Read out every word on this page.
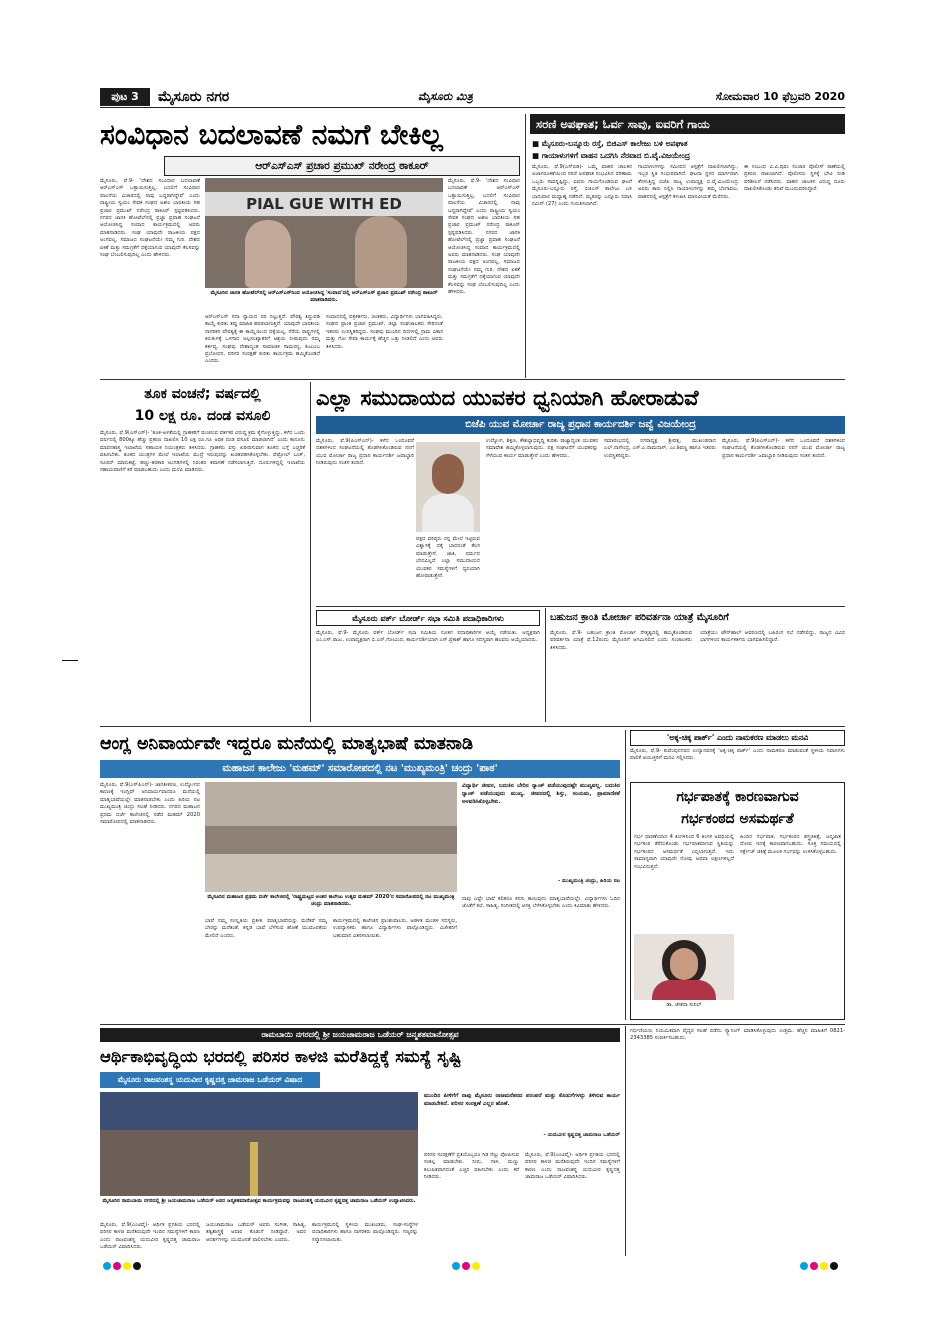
ಪುಟ 3	ಮೈಸೂರು ನಗರ	ಮೈಸೂರು ಮಿತ್ರ	ಸೋಮವಾರ 10 ಫೆಬ್ರವರಿ 2020
ಸಂವಿಧಾನ ಬದಲಾವಣೆ ನಮಗೆ ಬೇಕಿಲ್ಲ
ಆರ್‌ಎಸ್‌ಎಸ್ ಪ್ರಚಾರ ಪ್ರಮುಖ್ ನರೇಂದ್ರ ಠಾಕೂರ್
ಮೈಸೂರು, ಫೆ.9- 'ದೇಶದ ಸಂವಿಧಾನ ಬದಲಾವಣೆ ಆರ್‌ಎಸ್‌ಎಸ್ ಒತ್ತಾಯಿಸುತ್ತಿಲ್ಲ. ಬದಲಿಗೆ ಸಂವಿಧಾನ ಪಾಲನೆಯ ವಿಚಾರದಲ್ಲಿ ನಾವು ಬದ್ಧರಾಗಿದ್ದೇವೆ' ಎಂದು ರಾಷ್ಟ್ರೀಯ ಸ್ವಯಂ ಸೇವಕ ಸಂಘದ ಅಖಿಲ ಭಾರತೀಯ ಸಹ ಪ್ರಚಾರ ಪ್ರಮುಖ್ ನರೇಂದ್ರ ಠಾಕೂರ್ ಸ್ಪಷ್ಟಪಡಿಸಿದರು. ನಗರದ ಜಾನಕಿ ಹೋಟೆಲ್‌ನಲ್ಲಿ ಪ್ರಜ್ಞಾ ಪ್ರವಾಹ ಸಂಘಟನೆ ಆಯೋಜಿಸಿದ್ದ ಸಂವಾದ ಕಾರ್ಯಕ್ರಮದಲ್ಲಿ ಅವರು ಮಾತನಾಡಿದರು. ಸಂಘ ಯಾವುದೇ ರಾಜಕೀಯ ಪಕ್ಷದ ಅಂಗವಲ್ಲ, ಸಮಾಜದ ಸಂಘಟನೆಯೇ ನಮ್ಮ ಗುರಿ. ದೇಶದ ಏಕತೆ ಮತ್ತು ಸಮಗ್ರತೆಗೆ ಧಕ್ಕೆಯಾಗುವ ಯಾವುದೇ ಕೆಲಸವನ್ನು ಸಂಘ ಬೆಂಬಲಿಸುವುದಿಲ್ಲ ಎಂದು ಹೇಳಿದರು.
PIAL GUE WITH ED
ಮೈಸೂರಿನ ಜಾನಕಿ ಹೋಟೆಲ್‌ನಲ್ಲಿ ಆರ್‌ಎಸ್‌ಎಸ್‌ನಿಂದ ಆಯೋಜಿಸಿದ್ದ 'ಸಂವಾದ'ದಲ್ಲಿ ಆರ್‌ಎಸ್‌ಎಸ್ ಪ್ರಚಾರ ಪ್ರಮುಖ್ ನರೇಂದ್ರ ಠಾಕೂರ್ ಮಾತನಾಡಿದರು.
ಆರ್‌ಎಸ್‌ಎಸ್ ಸದಾ ನ್ಯಾಯದ ಪರ ನಿಲ್ಲುತ್ತದೆ. ಪೌರತ್ವ ತಿದ್ದುಪಡಿ ಕಾಯ್ದೆ ಕುರಿತು ತಪ್ಪು ಮಾಹಿತಿ ಹರಡಲಾಗುತ್ತಿದೆ. ಯಾವುದೇ ಭಾರತೀಯ ನಾಗರಿಕನ ಪೌರತ್ವಕ್ಕೆ ಈ ಕಾಯ್ದೆಯಿಂದ ಧಕ್ಕೆಯಿಲ್ಲ. ನೆರೆಯ ರಾಷ್ಟ್ರಗಳಲ್ಲಿ ಕಿರುಕುಳಕ್ಕೆ ಒಳಗಾದ ಅಲ್ಪಸಂಖ್ಯಾತರಿಗೆ ಆಶ್ರಯ ನೀಡುವುದು ನಮ್ಮ ಕರ್ತವ್ಯ. ಸಂಘವು ದೇಶಾದ್ಯಂತ ಸಾಮಾಜಿಕ ಸಾಮರಸ್ಯ, ಕುಟುಂಬ ಪ್ರಬೋಧನ, ಪರಿಸರ ಸಂರಕ್ಷಣೆ ಕುರಿತು ಕಾರ್ಯಕ್ರಮ ಹಮ್ಮಿಕೊಂಡಿದೆ ಎಂದರು.
ಸಂವಾದದಲ್ಲಿ ಪತ್ರಕರ್ತರು, ಚಿಂತಕರು, ವಿದ್ಯಾರ್ಥಿಗಳು ಭಾಗವಹಿಸಿದ್ದರು. ಸಂಘದ ಪ್ರಾಂತ ಪ್ರಚಾರ ಪ್ರಮುಖ್, ಜಿಲ್ಲಾ ಸಂಘಚಾಲಕರು ಸೇರಿದಂತೆ ಇತರರು ಉಪಸ್ಥಿತರಿದ್ದರು. ಸಂಘವು ಮುಂದಿನ ದಿನಗಳಲ್ಲಿ ಗ್ರಾಮ ವಿಕಾಸ ಮತ್ತು ಗೋ ಸೇವಾ ಕಾರ್ಯಕ್ಕೆ ಹೆಚ್ಚಿನ ಒತ್ತು ನೀಡಲಿದೆ ಎಂದು ಅವರು ತಿಳಿಸಿದರು.
ಮೈಸೂರು, ಫೆ.9- 'ದೇಶದ ಸಂವಿಧಾನ ಬದಲಾವಣೆ ಆರ್‌ಎಸ್‌ಎಸ್ ಒತ್ತಾಯಿಸುತ್ತಿಲ್ಲ. ಬದಲಿಗೆ ಸಂವಿಧಾನ ಪಾಲನೆಯ ವಿಚಾರದಲ್ಲಿ ನಾವು ಬದ್ಧರಾಗಿದ್ದೇವೆ' ಎಂದು ರಾಷ್ಟ್ರೀಯ ಸ್ವಯಂ ಸೇವಕ ಸಂಘದ ಅಖಿಲ ಭಾರತೀಯ ಸಹ ಪ್ರಚಾರ ಪ್ರಮುಖ್ ನರೇಂದ್ರ ಠಾಕೂರ್ ಸ್ಪಷ್ಟಪಡಿಸಿದರು. ನಗರದ ಜಾನಕಿ ಹೋಟೆಲ್‌ನಲ್ಲಿ ಪ್ರಜ್ಞಾ ಪ್ರವಾಹ ಸಂಘಟನೆ ಆಯೋಜಿಸಿದ್ದ ಸಂವಾದ ಕಾರ್ಯಕ್ರಮದಲ್ಲಿ ಅವರು ಮಾತನಾಡಿದರು. ಸಂಘ ಯಾವುದೇ ರಾಜಕೀಯ ಪಕ್ಷದ ಅಂಗವಲ್ಲ, ಸಮಾಜದ ಸಂಘಟನೆಯೇ ನಮ್ಮ ಗುರಿ. ದೇಶದ ಏಕತೆ ಮತ್ತು ಸಮಗ್ರತೆಗೆ ಧಕ್ಕೆಯಾಗುವ ಯಾವುದೇ ಕೆಲಸವನ್ನು ಸಂಘ ಬೆಂಬಲಿಸುವುದಿಲ್ಲ ಎಂದು ಹೇಳಿದರು.
ಸರಣಿ ಅಪಘಾತ; ಓರ್ವ ಸಾವು, ಐವರಿಗೆ ಗಾಯ
■ ಮೈಸೂರು-ಬನ್ನೂರು ರಸ್ತೆ, ಬಿಜಿಎಸ್ ಕಾಲೇಜು ಬಳಿ ಅಪಘಾತ
■ ಗಾಯಾಳುಗಳಿಗೆ ವಾಹನ ಒದಗಿಸಿ ನೆರವಾದ ಬಿ.ವೈ.ವಿಜಯೇಂದ್ರ
ಮೈಸೂರು, ಫೆ.9(ಎಸ್‌ಬಿಡಿ)- ಒಮ್ಮೆ ವಾಹನ ಚಾಲಕನ ಅಜಾಗರೂಕತೆಯಿಂದ ಸರಣಿ ಅಪಘಾತ ಸಂಭವಿಸಿದ ಪರಿಣಾಮ ಒಬ್ಬರು ಸಾವನ್ನಪ್ಪಿದ್ದು, ಐವರು ಗಾಯಗೊಂಡಿರುವ ಘಟನೆ ಮೈಸೂರು-ಬನ್ನೂರು ರಸ್ತೆ, ಬಿಜಿಎಸ್ ಕಾಲೇಜು ಬಳಿ ಭಾನುವಾರ ಮಧ್ಯಾಹ್ನ ನಡೆದಿದೆ. ಮೃತರನ್ನು ಬನ್ನೂರು ನಿವಾಸಿ ನವೀನ್ (27) ಎಂದು ಗುರುತಿಸಲಾಗಿದೆ.
ಗಾಯಾಳುಗಳನ್ನು ಸಮೀಪದ ಆಸ್ಪತ್ರೆಗೆ ದಾಖಲಿಸಲಾಗಿದ್ದು, ಇಬ್ಬರ ಸ್ಥಿತಿ ಗಂಭೀರವಾಗಿದೆ. ಘಟನಾ ಸ್ಥಳದ ಮಾರ್ಗವಾಗಿ ತೆರಳುತ್ತಿದ್ದ ಬಿಜೆಪಿ ರಾಜ್ಯ ಉಪಾಧ್ಯಕ್ಷ ಬಿ.ವೈ.ವಿಜಯೇಂದ್ರ ಅವರು ಕಾರು ನಿಲ್ಲಿಸಿ ಗಾಯಾಳುಗಳನ್ನು ತಮ್ಮ ಬೆಂಗಾವಲು ವಾಹನದಲ್ಲಿ ಆಸ್ಪತ್ರೆಗೆ ಕಳುಹಿಸಿ ಮಾನವೀಯತೆ ಮೆರೆದರು.
ಈ ಸಂಬಂಧ ವಿ.ವಿ.ಪುರಂ ಸಂಚಾರ ಪೊಲೀಸ್ ಠಾಣೆಯಲ್ಲಿ ಪ್ರಕರಣ ದಾಖಲಾಗಿದೆ. ಪೊಲೀಸರು ಸ್ಥಳಕ್ಕೆ ಭೇಟಿ ನೀಡಿ ಪರಿಶೀಲನೆ ನಡೆಸಿದರು. ವಾಹನ ಚಾಲಕನ ವಿರುದ್ಧ ದೂರು ದಾಖಲಿಸಿಕೊಂಡು ತನಿಖೆ ಮುಂದುವರಿಸಿದ್ದಾರೆ.
ತೂಕ ವಂಚನೆ; ವರ್ಷದಲ್ಲಿ
10 ಲಕ್ಷ ರೂ. ದಂಡ ವಸೂಲಿ
ಮೈಸೂರು, ಫೆ.9(ಎಸ್‌ಎಸ್)- 'ತೂಕ-ಅಳತೆಯಲ್ಲಿ ಗ್ರಾಹಕರಿಗೆ ವಂಚಿಸುವ ವರ್ತಕರ ವಿರುದ್ಧ ಕ್ರಮ ಕೈಗೊಳ್ಳುತ್ತಿದ್ದು, ಕಳೆದ ಒಂದು ವರ್ಷದಲ್ಲಿ 800ಕ್ಕೂ ಹೆಚ್ಚು ಪ್ರಕರಣ ದಾಖಲಿಸಿ 10 ಲಕ್ಷ ರೂ.ಗೂ ಅಧಿಕ ದಂಡ ವಸೂಲಿ ಮಾಡಲಾಗಿದೆ' ಎಂದು ಕಾನೂನು ಮಾಪನಶಾಸ್ತ್ರ ಇಲಾಖೆಯ ಸಹಾಯಕ ನಿಯಂತ್ರಕರು ತಿಳಿಸಿದರು. ಗ್ರಾಹಕರು ವಸ್ತು ಖರೀದಿಸುವಾಗ ತೂಕದ ಬಗ್ಗೆ ಎಚ್ಚರಿಕೆ ವಹಿಸಬೇಕು. ತೂಕದ ಯಂತ್ರಗಳ ಮೇಲೆ ಇಲಾಖೆಯ ಮುದ್ರೆ ಇರುವುದನ್ನು ಖಚಿತಪಡಿಸಿಕೊಳ್ಳಬೇಕು. ಪೆಟ್ರೋಲ್ ಬಂಕ್, ಸೂಪರ್ ಮಾರುಕಟ್ಟೆ, ಹಣ್ಣು-ತರಕಾರಿ ಅಂಗಡಿಗಳಲ್ಲಿ ನಿರಂತರ ತಪಾಸಣೆ ನಡೆಸಲಾಗುತ್ತಿದೆ. ದೂರುಗಳಿದ್ದಲ್ಲಿ ಇಲಾಖೆಯ ಸಹಾಯವಾಣಿಗೆ ಕರೆ ಮಾಡಬಹುದು ಎಂದು ಮನವಿ ಮಾಡಿದರು.
ಎಲ್ಲಾ ಸಮುದಾಯದ ಯುವಕರ ಧ್ವನಿಯಾಗಿ ಹೋರಾಡುವೆ
ಬಿಜೆಪಿ ಯುವ ಮೋರ್ಚಾ ರಾಜ್ಯ ಪ್ರಧಾನ ಕಾರ್ಯದರ್ಶಿ ಜವ್ವೆ ವಿಜಯೇಂದ್ರ
ಮೈಸೂರು, ಫೆ.9(ಪಿಎಸ್‌ಎನ್)- ಕಳೆದ ಒಂದೂವರೆ ದಶಕಗಳಿಂದ ಸಂಘಟನೆಯಲ್ಲಿ ತೊಡಗಿಸಿಕೊಂಡಿರುವ ನನಗೆ ಯುವ ಮೋರ್ಚಾ ರಾಜ್ಯ ಪ್ರಧಾನ ಕಾರ್ಯದರ್ಶಿ ಜವಾಬ್ದಾರಿ ನೀಡಿರುವುದು ಸಂತಸ ತಂದಿದೆ.
ಪಕ್ಷದ ವರಿಷ್ಠರು ನನ್ನ ಮೇಲೆ ಇಟ್ಟಿರುವ ವಿಶ್ವಾಸಕ್ಕೆ ಧಕ್ಕೆ ಬಾರದಂತೆ ಕೆಲಸ ಮಾಡುತ್ತೇನೆ. ಜಾತಿ, ಧರ್ಮದ ಭೇದವಿಲ್ಲದೆ ಎಲ್ಲಾ ಸಮುದಾಯದ ಯುವಕರ ಸಮಸ್ಯೆಗಳಿಗೆ ಧ್ವನಿಯಾಗಿ ಹೋರಾಡುತ್ತೇನೆ.
ಉದ್ಯೋಗ, ಶಿಕ್ಷಣ, ಕೌಶಲ್ಯಾಭಿವೃದ್ಧಿ ಕುರಿತು ರಾಜ್ಯಾದ್ಯಂತ ಯುವಕರ ಸಮಾವೇಶ ಹಮ್ಮಿಕೊಳ್ಳಲಾಗುವುದು. ಪಕ್ಷ ಸಂಘಟನೆಗೆ ಯುವಕರನ್ನು ಸೆಳೆಯುವ ಕಾರ್ಯ ಮಾಡುತ್ತೇನೆ ಎಂದು ಹೇಳಿದರು.
ಸಮಾರಂಭದಲ್ಲಿ ನಗರಾಧ್ಯಕ್ಷ ಶ್ರೀವತ್ಸ, ಮುಖಂಡರಾದ ಎಲ್.ನಾಗೇಂದ್ರ, ಎಸ್.ಎ.ರಾಮದಾಸ್, ಎಂ.ಶಿವಣ್ಣ ಹಾಗೂ ಇತರರು ಉಪಸ್ಥಿತರಿದ್ದರು.
ಮೈಸೂರು, ಫೆ.9(ಪಿಎಸ್‌ಎನ್)- ಕಳೆದ ಒಂದೂವರೆ ದಶಕಗಳಿಂದ ಸಂಘಟನೆಯಲ್ಲಿ ತೊಡಗಿಸಿಕೊಂಡಿರುವ ನನಗೆ ಯುವ ಮೋರ್ಚಾ ರಾಜ್ಯ ಪ್ರಧಾನ ಕಾರ್ಯದರ್ಶಿ ಜವಾಬ್ದಾರಿ ನೀಡಿರುವುದು ಸಂತಸ ತಂದಿದೆ.
ಮೈಸೂರು ವರ್ಕ್ ಬೋರ್ಡ್ ಸಭಾ ಸಮಿತಿ ಪದಾಧಿಕಾರಿಗಳು
ಮೈಸೂರು, ಫೆ.9- ಮೈಸೂರು ವರ್ಕ್ ಬೋರ್ಡ್ ಸಭಾ ಸಮಿತಿಯ ನೂತನ ಪದಾಧಿಕಾರಿಗಳ ಆಯ್ಕೆ ನಡೆಯಿತು. ಅಧ್ಯಕ್ಷರಾಗಿ ಎಂ.ಎಸ್.ರಾಜು, ಉಪಾಧ್ಯಕ್ಷರಾಗಿ ಬಿ.ಎನ್.ಗೋವಿಂದ, ಕಾರ್ಯದರ್ಶಿಯಾಗಿ ಎಸ್.ಪ್ರಕಾಶ್ ಹಾಗೂ ಸದಸ್ಯರಾಗಿ ಹಲವರು ಆಯ್ಕೆಯಾದರು.
ಬಹುಜನ ಕ್ರಾಂತಿ ಮೋರ್ಚಾ ಪರಿವರ್ತನಾ ಯಾತ್ರೆ ಮೈಸೂರಿಗೆ
ಮೈಸೂರು, ಫೆ.9- ಬಹುಜನ ಕ್ರಾಂತಿ ಮೋರ್ಚಾ ನೇತೃತ್ವದಲ್ಲಿ ಹಮ್ಮಿಕೊಂಡಿರುವ ಪರಿವರ್ತನಾ ಯಾತ್ರೆ ಫೆ.12ರಂದು ಮೈಸೂರಿಗೆ ಆಗಮಿಸಲಿದೆ ಎಂದು ಸಂಚಾಲಕರು ತಿಳಿಸಿದರು.
ಯಾತ್ರೆಯು ಟೌನ್‌ಹಾಲ್ ಆವರಣದಲ್ಲಿ ಬಹಿರಂಗ ಸಭೆ ನಡೆಸಲಿದ್ದು, ರಾಜ್ಯದ ವಿವಿಧ ಭಾಗಗಳಿಂದ ಕಾರ್ಯಕರ್ತರು ಭಾಗವಹಿಸಲಿದ್ದಾರೆ.
ಆಂಗ್ಲ ಅನಿವಾರ್ಯವೇ ಇದ್ದರೂ ಮನೆಯಲ್ಲಿ ಮಾತೃಭಾಷೆ ಮಾತನಾಡಿ
ಮಹಾಜನ ಕಾಲೇಜು 'ಮಹಮ್' ಸಮಾರೋಪದಲ್ಲಿ ನಟ 'ಮುಖ್ಯಮಂತ್ರಿ' ಚಂದ್ರು 'ಪಾಠ'
ಮೈಸೂರು, ಫೆ.9(ಎಸ್‌ಪಿಎನ್)- ಜಾಗತೀಕರಣ, ಉದ್ಯೋಗದ ಕಾರಣಕ್ಕೆ ಇಂಗ್ಲಿಷ್ ಅನಿವಾರ್ಯವಾದರೂ ಮನೆಯಲ್ಲಿ ಮಾತೃಭಾಷೆಯಲ್ಲೇ ಮಾತನಾಡಬೇಕು ಎಂದು ಹಿರಿಯ ನಟ ಮುಖ್ಯಮಂತ್ರಿ ಚಂದ್ರು ಸಲಹೆ ನೀಡಿದರು. ನಗರದ ಮಹಾಜನ ಪ್ರಥಮ ದರ್ಜೆ ಕಾಲೇಜಿನಲ್ಲಿ ನಡೆದ ಮಹಮ್ 2020 ಸಮಾರೋಪದಲ್ಲಿ ಮಾತನಾಡಿದರು.
ಮೈಸೂರಿನ ಮಹಾಜನ ಪ್ರಥಮ ದರ್ಜೆ ಕಾಲೇಜಿನಲ್ಲಿ 'ರಾಷ್ಟ್ರಮಟ್ಟದ ಅಂತರ ಕಾಲೇಜು ಉತ್ಸವ ಮಹಮ್ 2020'ರ ಸಮಾರೋಪದಲ್ಲಿ ನಟ ಮುಖ್ಯಮಂತ್ರಿ ಚಂದ್ರು ಮಾತನಾಡಿದರು.
ಭಾಷೆ ನಮ್ಮ ಸಂಸ್ಕೃತಿಯ ಪ್ರತೀಕ. ಮಾತೃಭಾಷೆಯನ್ನು ಮರೆತರೆ ನಮ್ಮ ಬೇರನ್ನು ಮರೆತಂತೆ. ಕನ್ನಡ ಭಾಷೆ ಬೆಳೆಸುವ ಹೊಣೆ ಯುವಜನತೆಯ ಮೇಲಿದೆ ಎಂದರು.
ಕಾರ್ಯಕ್ರಮದಲ್ಲಿ ಕಾಲೇಜಿನ ಪ್ರಾಂಶುಪಾಲರು, ಆಡಳಿತ ಮಂಡಳಿ ಸದಸ್ಯರು, ಉಪನ್ಯಾಸಕರು ಹಾಗೂ ವಿದ್ಯಾರ್ಥಿಗಳು ಪಾಲ್ಗೊಂಡಿದ್ದರು. ವಿಜೇತರಿಗೆ ಬಹುಮಾನ ವಿತರಿಸಲಾಯಿತು.
ವಿದ್ಯಾರ್ಥಿ ಜೀವನ, ಬದುಕಿನ ಬೇರಿನ ರ್‍ಯಾಂಕ್ ಪಡೆಯುವುದಷ್ಟೇ ಮುಖ್ಯವಲ್ಲ. ಬದುಕಿನ ರ್‍ಯಾಂಕ್ ಪಡೆಯುವುದು ಮುಖ್ಯ. ಜೀವನದಲ್ಲಿ ಶಿಸ್ತು, ಸಂಯಮ, ಪ್ರಾಮಾಣಿಕತೆ ಅಳವಡಿಸಿಕೊಳ್ಳಬೇಕು.
- ಮುಖ್ಯಮಂತ್ರಿ ಚಂದ್ರು, ಹಿರಿಯ ನಟ
ನಾವು ಎಷ್ಟೇ ಭಾಷೆ ಕಲಿತರೂ ಕನಸು ಕಾಣುವುದು ಮಾತೃಭಾಷೆಯಲ್ಲೇ. ವಿದ್ಯಾರ್ಥಿಗಳು ಓದಿನ ಜೊತೆಗೆ ಕಲೆ, ಸಾಹಿತ್ಯ, ಸಂಗೀತದಲ್ಲಿ ಆಸಕ್ತಿ ಬೆಳೆಸಿಕೊಳ್ಳಬೇಕು ಎಂದು ಕಿವಿಮಾತು ಹೇಳಿದರು.
'ಅಕ್ಕ-ಚಿಕ್ಕ ಪಾರ್ಕ್' ಎಂದು ನಾಮಕರಣ ಮಾಡಲು ಮನವಿ
ಮೈಸೂರು, ಫೆ.9- ಕುವೆಂಪುನಗರದ ಉದ್ಯಾನವನಕ್ಕೆ 'ಅಕ್ಕ-ಚಿಕ್ಕ ಪಾರ್ಕ್' ಎಂದು ನಾಮಕರಣ ಮಾಡುವಂತೆ ಸ್ಥಳೀಯ ನಿವಾಸಿಗಳು ಪಾಲಿಕೆ ಆಯುಕ್ತರಿಗೆ ಮನವಿ ಸಲ್ಲಿಸಿದರು.
ಗರ್ಭಪಾತಕ್ಕೆ ಕಾರಣವಾಗುವ
ಗರ್ಭಕಂಠದ ಅಸಮರ್ಥತೆ
ಗರ್ಭ ಧಾರಣೆಯಾದ 4 ತಿಂಗಳಿನಿಂದ 6 ತಿಂಗಳ ಅವಧಿಯಲ್ಲಿ ಗರ್ಭಕಂಠ ತೆರೆದುಕೊಂಡು ಗರ್ಭಪಾತವಾಗುವ ಸ್ಥಿತಿಯನ್ನು ಗರ್ಭಕಂಠದ ಅಸಮರ್ಥತೆ ಎನ್ನಲಾಗುತ್ತದೆ. ಇದು ಸಾಮಾನ್ಯವಾಗಿ ಯಾವುದೇ ನೋವು ಅಥವಾ ಲಕ್ಷಣಗಳಿಲ್ಲದೆ ಸಂಭವಿಸುತ್ತದೆ.
ಹಿಂದಿನ ಗರ್ಭಪಾತ, ಗರ್ಭಕಂಠದ ಶಸ್ತ್ರಚಿಕಿತ್ಸೆ, ಜನ್ಮಜಾತ ದೋಷ ಇದಕ್ಕೆ ಕಾರಣವಾಗಬಹುದು. ಸೂಕ್ತ ಸಮಯದಲ್ಲಿ ಸರ್ಕ್ಲೇಜ್ ಚಿಕಿತ್ಸೆ ಮೂಲಕ ಗರ್ಭವನ್ನು ಉಳಿಸಿಕೊಳ್ಳಬಹುದು.
ಡಾ. ಚೇತನಾ ಸುನಿಲ್
ರಾಮಬಾಯಿ ನಗರದಲ್ಲಿ ಶ್ರೀ ಜಯಚಾಮರಾಜ ಒಡೆಯರ್ ಜನ್ಮಶತಮಾನೋತ್ಸವ
ಆರ್ಥಿಕಾಭಿವೃದ್ಧಿಯ ಭರದಲ್ಲಿ ಪರಿಸರ ಕಾಳಜಿ ಮರೆತಿದ್ದಕ್ಕೆ ಸಮಸ್ಯೆ ಸೃಷ್ಟಿ
ಮೈಸೂರು ರಾಜವಂಶಸ್ಥ ಯದುವೀರ ಕೃಷ್ಣದತ್ತ ಚಾಮರಾಜ ಒಡೆಯರ್ ವಿಷಾದ
ಮೈಸೂರಿನ ರಾಮಬಾಯಿ ನಗರದಲ್ಲಿ ಶ್ರೀ ಜಯಚಾಮರಾಜ ಒಡೆಯರ್ ಅವರ ಜನ್ಮಶತಮಾನೋತ್ಸವ ಕಾರ್ಯಕ್ರಮವನ್ನು ರಾಜವಂಶಸ್ಥ ಯದುವೀರ ಕೃಷ್ಣದತ್ತ ಚಾಮರಾಜ ಒಡೆಯರ್ ಉದ್ಘಾಟಿಸಿದರು.
ಮೈಸೂರು, ಫೆ.9(ಎಂಟಿವೈ)- ಆರ್ಥಿಕ ಪ್ರಗತಿಯ ಭರದಲ್ಲಿ ಪರಿಸರ ಕಾಳಜಿ ಮರೆತಿರುವುದೇ ಇಂದಿನ ಸಮಸ್ಯೆಗಳಿಗೆ ಕಾರಣ ಎಂದು ರಾಜವಂಶಸ್ಥ ಯದುವೀರ ಕೃಷ್ಣದತ್ತ ಚಾಮರಾಜ ಒಡೆಯರ್ ವಿಷಾದಿಸಿದರು.
ಜಯಚಾಮರಾಜ ಒಡೆಯರ್ ಅವರು ಸಂಗೀತ, ಸಾಹಿತ್ಯ, ತತ್ವಶಾಸ್ತ್ರಕ್ಕೆ ಅಪಾರ ಕೊಡುಗೆ ನೀಡಿದ್ದಾರೆ. ಅವರ ಆದರ್ಶಗಳನ್ನು ಯುವಜನತೆ ಪಾಲಿಸಬೇಕು ಎಂದರು.
ಕಾರ್ಯಕ್ರಮದಲ್ಲಿ ಸ್ಥಳೀಯ ಮುಖಂಡರು, ಸಂಘ-ಸಂಸ್ಥೆಗಳ ಪದಾಧಿಕಾರಿಗಳು ಹಾಗೂ ನಾಗರಿಕರು ಪಾಲ್ಗೊಂಡಿದ್ದರು. ಗಣ್ಯರನ್ನು ಸನ್ಮಾನಿಸಲಾಯಿತು.
ಮುಂದಿನ ಪೀಳಿಗೆಗೆ ನಾವು ಮೈಸೂರು ರಾಜಮನೆತನದ ಪರಂಪರೆ ಮತ್ತು ಕೊಡುಗೆಗಳನ್ನು ತಿಳಿಸುವ ಕಾರ್ಯ ಮಾಡಬೇಕಿದೆ. ಪರಿಸರ ಸಂರಕ್ಷಣೆ ಎಲ್ಲರ ಹೊಣೆ.
- ಯದುವೀರ ಕೃಷ್ಣದತ್ತ ಚಾಮರಾಜ ಒಡೆಯರ್
ಪರಿಸರ ಸಂರಕ್ಷಣೆಗೆ ಪ್ರತಿಯೊಬ್ಬರೂ ಗಿಡ ನೆಟ್ಟು ಪೋಷಿಸುವ ಸಂಕಲ್ಪ ಮಾಡಬೇಕು. ನೀರು, ಗಾಳಿ, ಮಣ್ಣು ಕಲುಷಿತವಾಗದಂತೆ ಎಚ್ಚರ ವಹಿಸಬೇಕು ಎಂದು ಕರೆ ನೀಡಿದರು.
ಮೈಸೂರು, ಫೆ.9(ಎಂಟಿವೈ)- ಆರ್ಥಿಕ ಪ್ರಗತಿಯ ಭರದಲ್ಲಿ ಪರಿಸರ ಕಾಳಜಿ ಮರೆತಿರುವುದೇ ಇಂದಿನ ಸಮಸ್ಯೆಗಳಿಗೆ ಕಾರಣ ಎಂದು ರಾಜವಂಶಸ್ಥ ಯದುವೀರ ಕೃಷ್ಣದತ್ತ ಚಾಮರಾಜ ಒಡೆಯರ್ ವಿಷಾದಿಸಿದರು.
ಗರ್ಭಿಣಿಯರು ನಿಯಮಿತವಾಗಿ ವೈದ್ಯರ ಸಲಹೆ ಪಡೆದು ಸ್ಕ್ಯಾನಿಂಗ್ ಮಾಡಿಸಿಕೊಳ್ಳುವುದು ಉತ್ತಮ. ಹೆಚ್ಚಿನ ಮಾಹಿತಿಗೆ 0821-2343385 ಸಂಪರ್ಕಿಸಬಹುದು.
